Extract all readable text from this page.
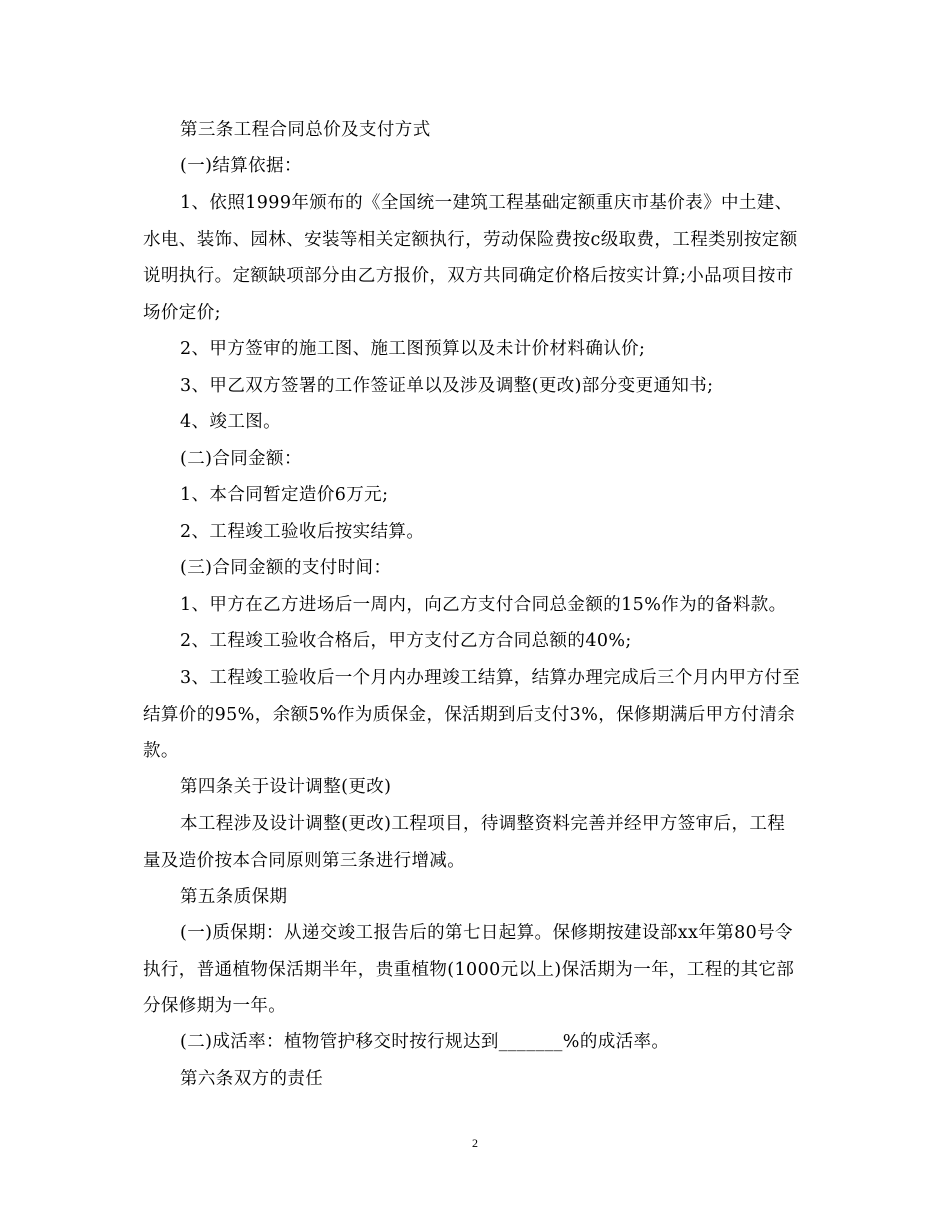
第三条工程合同总价及支付方式
(一)结算依据：
1、依照1999年颁布的《全国统一建筑工程基础定额重庆市基价表》中土建、水电、装饰、园林、安装等相关定额执行，劳动保险费按c级取费，工程类别按定额说明执行。定额缺项部分由乙方报价，双方共同确定价格后按实计算;小品项目按市场价定价;
2、甲方签审的施工图、施工图预算以及未计价材料确认价;
3、甲乙双方签署的工作签证单以及涉及调整(更改)部分变更通知书;
4、竣工图。
(二)合同金额：
1、本合同暂定造价6万元;
2、工程竣工验收后按实结算。
(三)合同金额的支付时间：
1、甲方在乙方进场后一周内，向乙方支付合同总金额的15%作为的备料款。
2、工程竣工验收合格后，甲方支付乙方合同总额的40%;
3、工程竣工验收后一个月内办理竣工结算，结算办理完成后三个月内甲方付至结算价的95%，余额5%作为质保金，保活期到后支付3%，保修期满后甲方付清余款。
第四条关于设计调整(更改)
本工程涉及设计调整(更改)工程项目，待调整资料完善并经甲方签审后，工程量及造价按本合同原则第三条进行增减。
第五条质保期
(一)质保期：从递交竣工报告后的第七日起算。保修期按建设部xx年第80号令执行，普通植物保活期半年，贵重植物(1000元以上)保活期为一年，工程的其它部分保修期为一年。
(二)成活率：植物管护移交时按行规达到_______%的成活率。
第六条双方的责任
2
